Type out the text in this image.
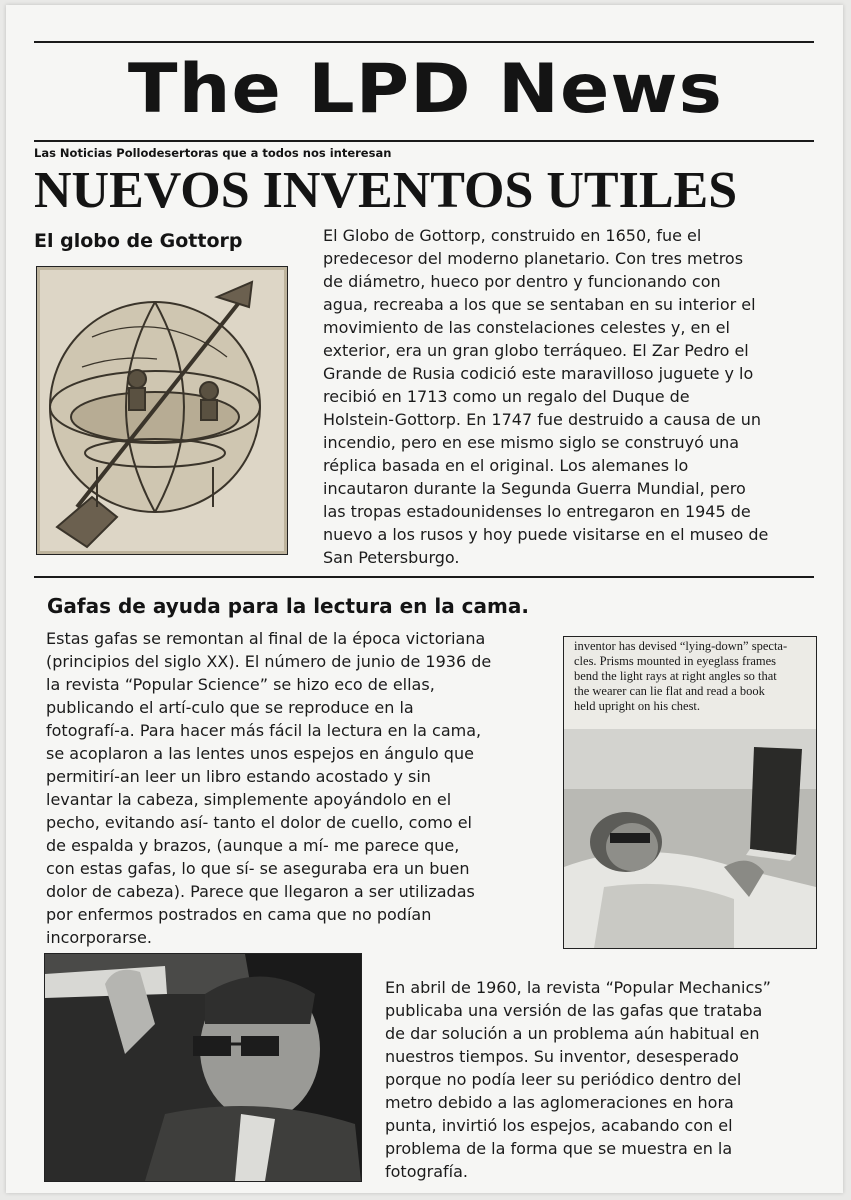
The LPD News
Las Noticias Pollodesertoras que a todos nos interesan
NUEVOS INVENTOS UTILES
El globo de Gottorp	El Globo de Gottorp, construido en 1650, fue el
predecesor del moderno planetario. Con tres metros
de diámetro, hueco por dentro y funcionando con
agua, recreaba a los que se sentaban en su interior el
movimiento de las constelaciones celestes y, en el
exterior, era un gran globo terráqueo. El Zar Pedro el
Grande de Rusia codició este maravilloso juguete y lo
recibió en 1713 como un regalo del Duque de
Holstein-Gottorp. En 1747 fue destruido a causa de un
incendio, pero en ese mismo siglo se construyó una
réplica basada en el original. Los alemanes lo
incautaron durante la Segunda Guerra Mundial, pero
las tropas estadounidenses lo entregaron en 1945 de
nuevo a los rusos y hoy puede visitarse en el museo de
San Petersburgo.

Gafas de ayuda para la lectura en la cama.

Estas gafas se remontan al final de la época victoriana
(principios del siglo XX). El número de junio de 1936 de
la revista “Popular Science” se hizo eco de ellas,
publicando el artí-culo que se reproduce en la
fotografí-a. Para hacer más fácil la lectura en la cama,
se acoplaron a las lentes unos espejos en ángulo que
permitirí-an leer un libro estando acostado y sin
levantar la cabeza, simplemente apoyándolo en el
pecho, evitando así- tanto el dolor de cuello, como el
de espalda y brazos, (aunque a mí- me parece que,
con estas gafas, lo que sí- se aseguraba era un buen
dolor de cabeza). Parece que llegaron a ser utilizadas
por enfermos postrados en cama que no podían
incorporarse.

inventor has devised “lying-down” specta-
cles. Prisms mounted in eyeglass frames
bend the light rays at right angles so that
the wearer can lie flat and read a book
held upright on his chest.

En abril de 1960, la revista “Popular Mechanics”
publicaba una versión de las gafas que trataba
de dar solución a un problema aún habitual en
nuestros tiempos. Su inventor, desesperado
porque no podía leer su periódico dentro del
metro debido a las aglomeraciones en hora
punta, invirtió los espejos, acabando con el
problema de la forma que se muestra en la
fotografía.
